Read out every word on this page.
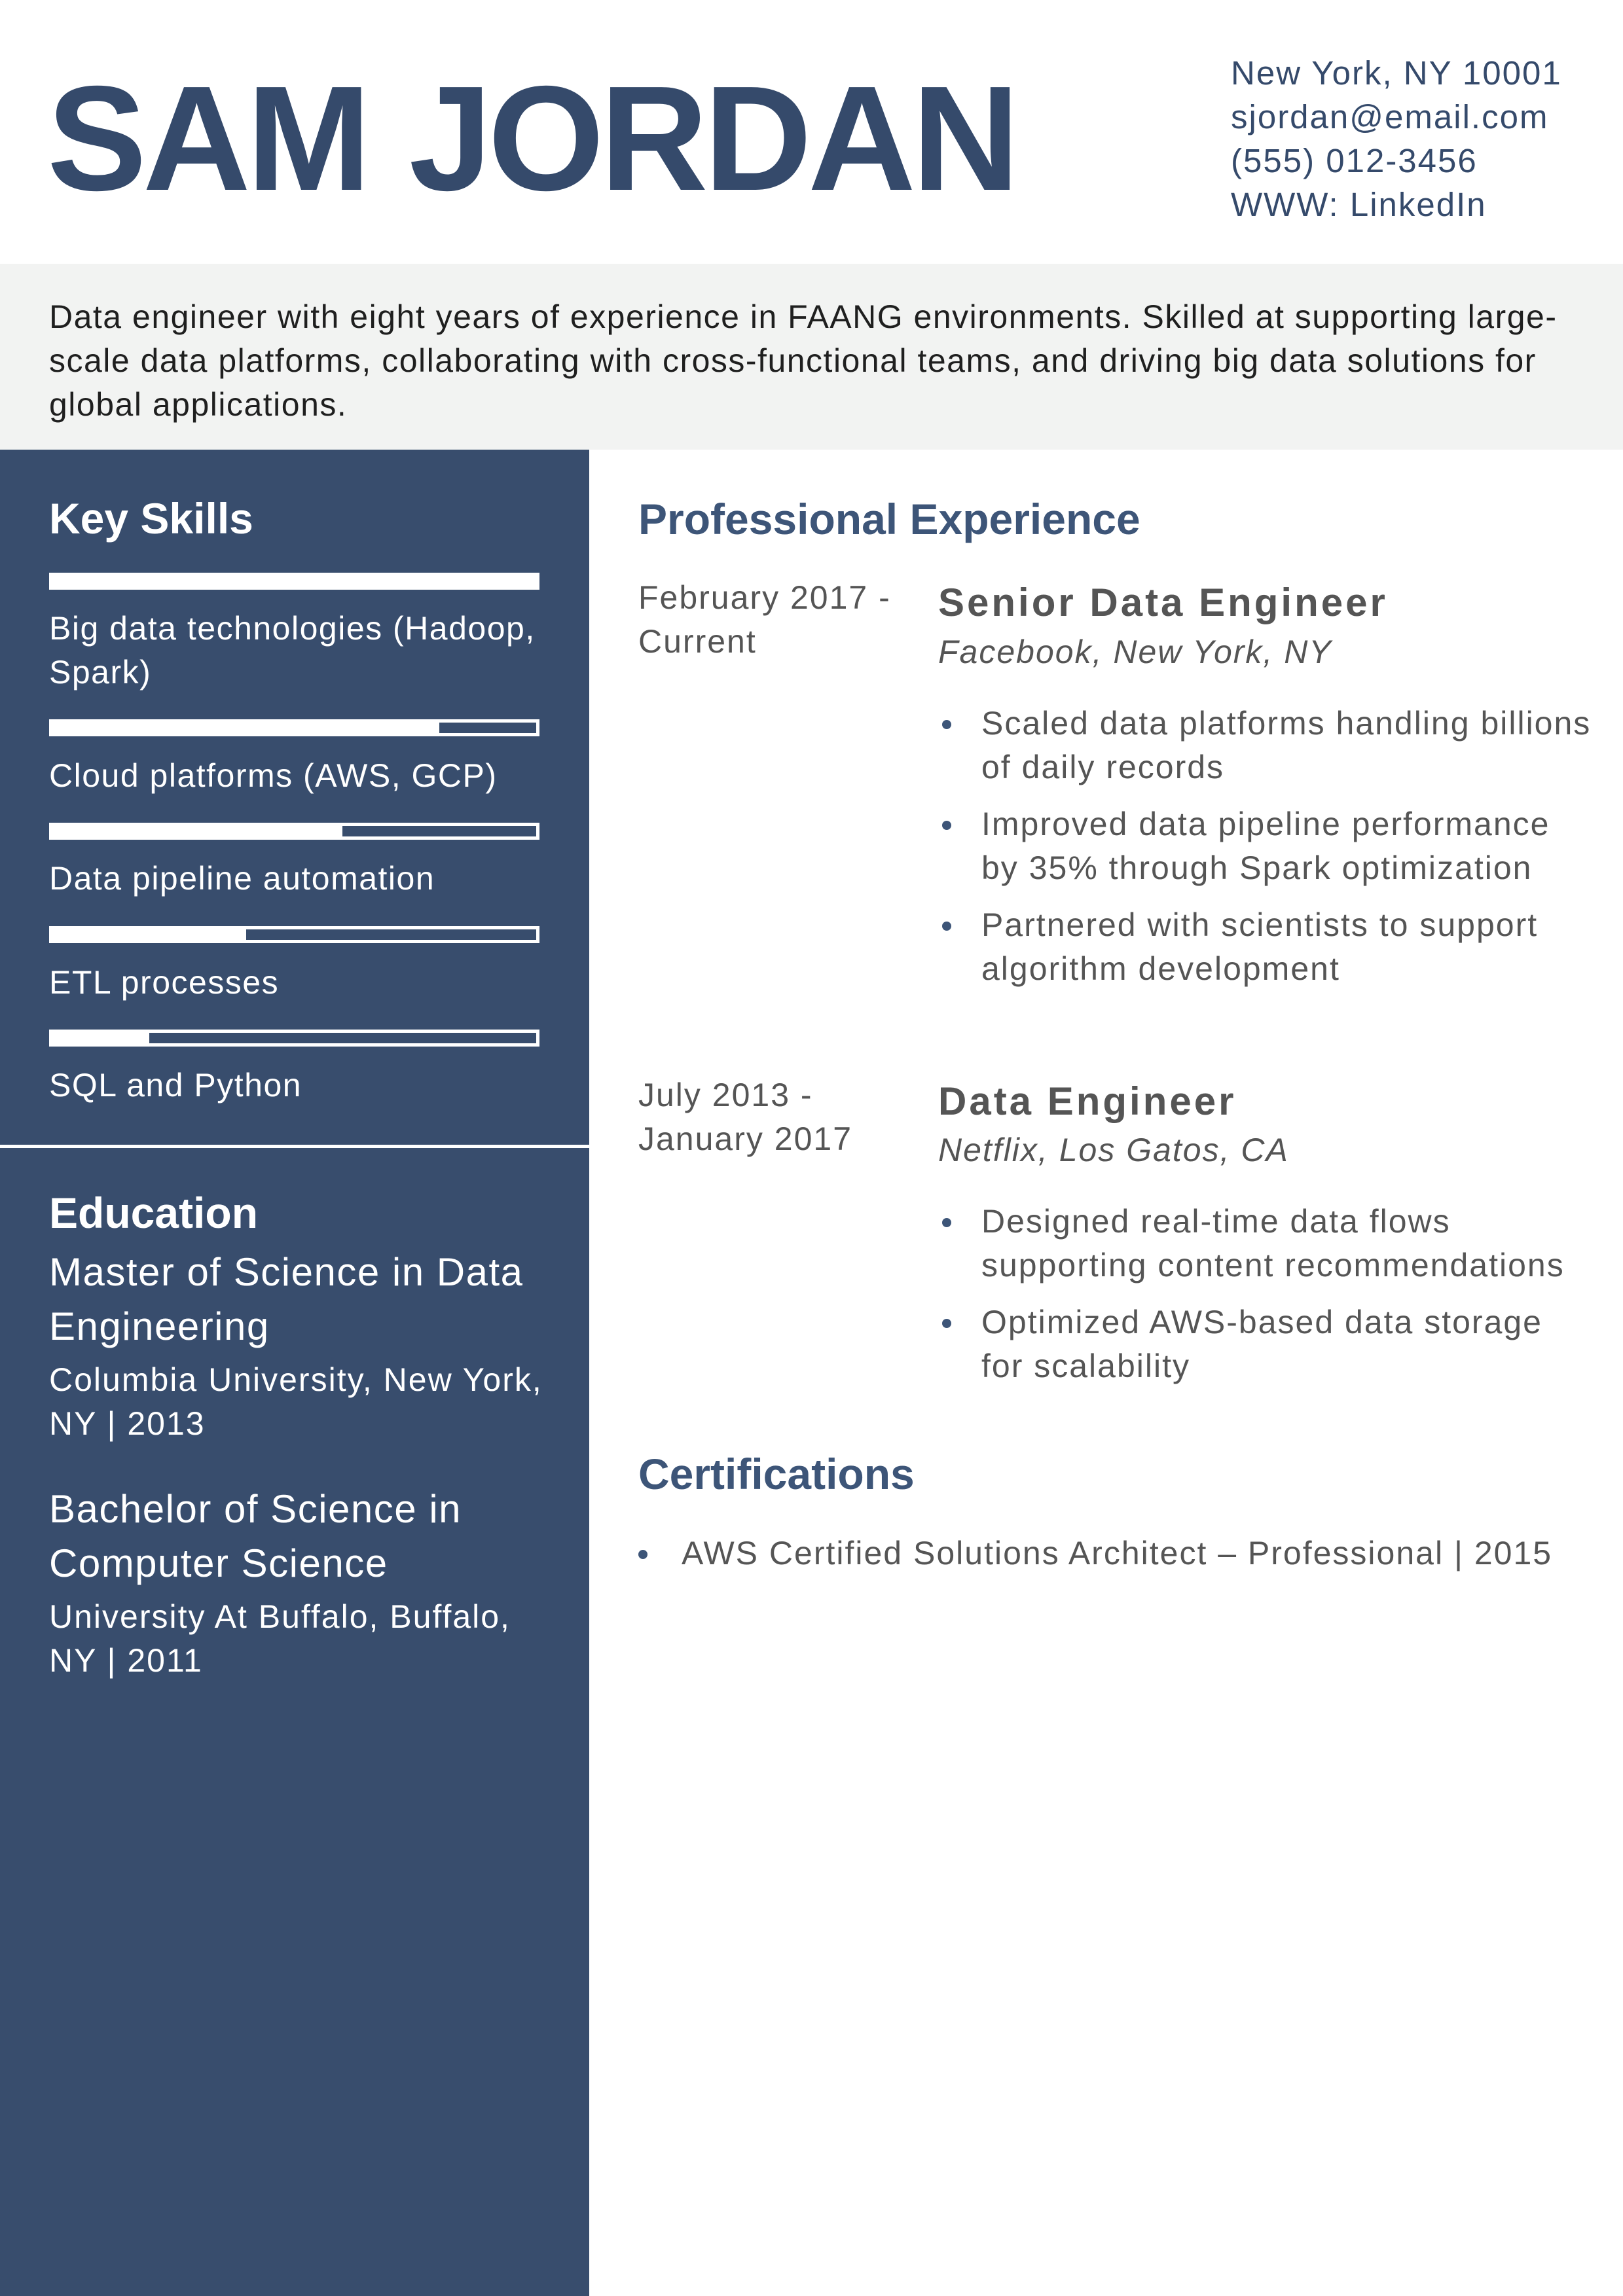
SAM JORDAN	New York, NY 10001
sjordan@email.com
(555) 012-3456
WWW: LinkedIn

Data engineer with eight years of experience in FAANG environments. Skilled at supporting large-scale data platforms, collaborating with cross-functional teams, and driving big data solutions for global applications.

Key Skills
Big data technologies (Hadoop, Spark)
Cloud platforms (AWS, GCP)
Data pipeline automation
ETL processes
SQL and Python
Education
Master of Science in Data Engineering
Columbia University, New York, NY | 2013
Bachelor of Science in Computer Science
University At Buffalo, Buffalo, NY | 2011
Professional Experience
February 2017 - Current
Senior Data Engineer
Facebook, New York, NY
Scaled data platforms handling billions of daily records
Improved data pipeline performance by 35% through Spark optimization
Partnered with scientists to support algorithm development
July 2013 - January 2017
Data Engineer
Netflix, Los Gatos, CA
Designed real-time data flows supporting content recommendations
Optimized AWS-based data storage for scalability
Certifications
AWS Certified Solutions Architect – Professional | 2015
